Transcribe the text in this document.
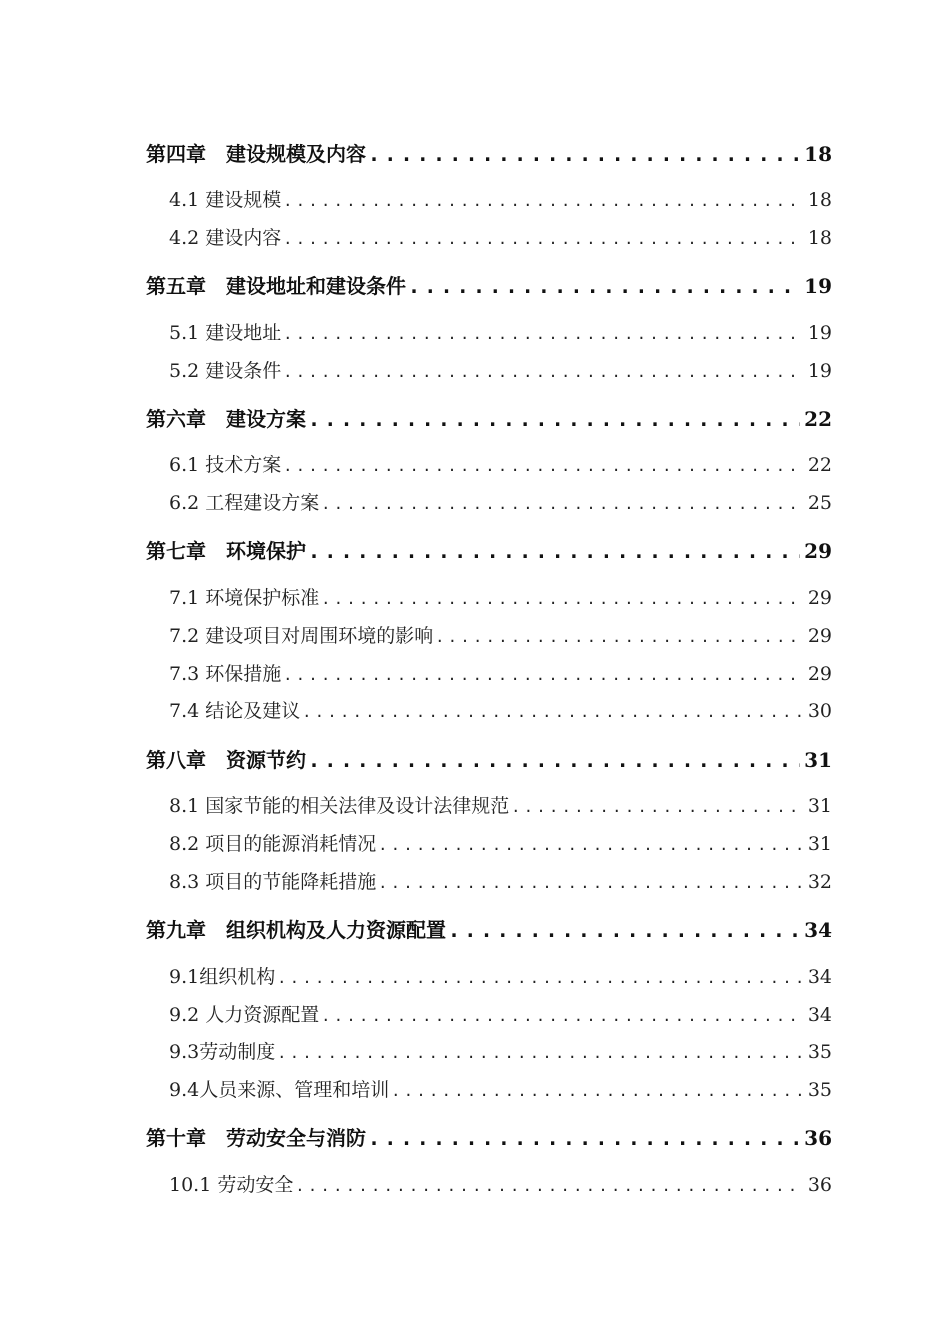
第四章　建设规模及内容 .....	18
4.1 建设规模 .....	18
4.2 建设内容 .....	18
第五章　建设地址和建设条件 .....	19
5.1 建设地址 .....	19
5.2 建设条件 .....	19
第六章　建设方案 .....	22
6.1 技术方案 .....	22
6.2 工程建设方案 .....	25
第七章　环境保护 .....	29
7.1 环境保护标准 .....	29
7.2 建设项目对周围环境的影响 .....	29
7.3 环保措施 .....	29
7.4 结论及建议 .....	30
第八章　资源节约 .....	31
8.1 国家节能的相关法律及设计法律规范 .....	31
8.2 项目的能源消耗情况 .....	31
8.3 项目的节能降耗措施 .....	32
第九章　组织机构及人力资源配置 .....	34
9.1组织机构 .....	34
9.2 人力资源配置 .....	34
9.3劳动制度 .....	35
9.4人员来源、管理和培训 .....	35
第十章　劳动安全与消防 .....	36
10.1 劳动安全 .....	36
